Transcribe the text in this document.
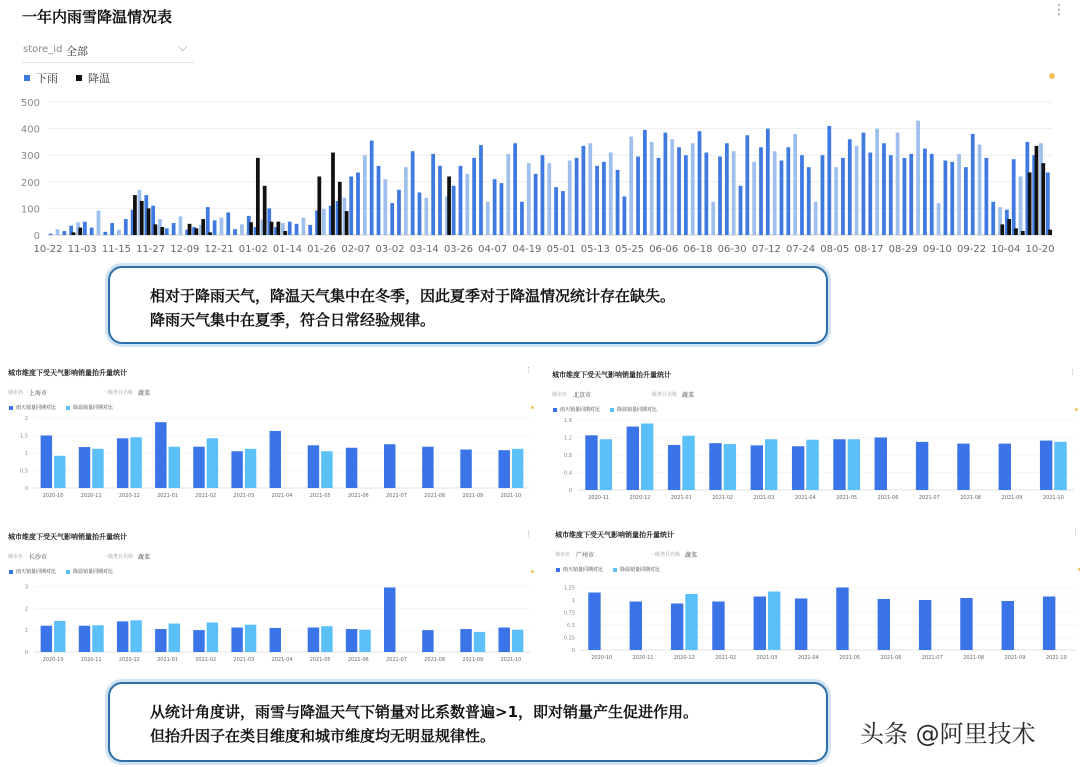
一年内雨雪降温情况表	⋮
store_id 全部	⌵
下雨	降温
0
100
200
300
400
500
10-22 11-03 11-15 11-27 12-09 12-21 01-02 01-14 01-26 02-07 03-02 03-14 03-26 04-07 04-19 05-01 05-13 05-25 06-06 06-18 06-30 07-12 07-24 08-05 08-17 08-29 09-10 09-22 10-04 10-20
相对于降雨天气，降温天气集中在冬季，因此夏季对于降温情况统计存在缺失。
降雨天气集中在夏季，符合日常经验规律。
城市维度下受天气影响销量抬升量统计	⋮
城市名 上海市	一级类目名称 蔬菜
雨天销量同期对比	降温销量同期对比
0
0.5
1
1.5
2
2020-10	2020-11	2020-12	2021-01	2021-02	2021-03	2021-04	2021-05	2021-06	2021-07	2021-08	2021-09	2021-10
城市维度下受天气影响销量抬升量统计	⋮
城市名 北京市	一级类目名称 蔬菜
雨天销量同期对比	降温销量同期对比
0
0.4
0.8
1.2
1.6
2020-11	2020-12	2021-01	2021-02	2021-03	2021-04	2021-05	2021-06	2021-07	2021-08	2021-09	2021-10
城市维度下受天气影响销量抬升量统计	⋮
城市名 长沙市	一级类目名称 蔬菜
雨天销量同期对比	降温销量同期对比
0
1
2
3
2020-10	2020-11	2020-12	2021-01	2021-02	2021-03	2021-04	2021-05	2021-06	2021-07	2021-08	2021-09	2021-10
城市维度下受天气影响销量抬升量统计	⋮
城市名 广州市	一级类目名称 蔬菜
雨天销量同期对比	降温销量同期对比
0
0.25
0.5
0.75
1
1.25
2020-10	2020-11	2020-12	2021-02	2021-03	2021-04	2021-05	2021-06	2021-07	2021-08	2021-09	2021-10
从统计角度讲，雨雪与降温天气下销量对比系数普遍>1，即对销量产生促进作用。
但抬升因子在类目维度和城市维度均无明显规律性。	头条 @阿里技术
